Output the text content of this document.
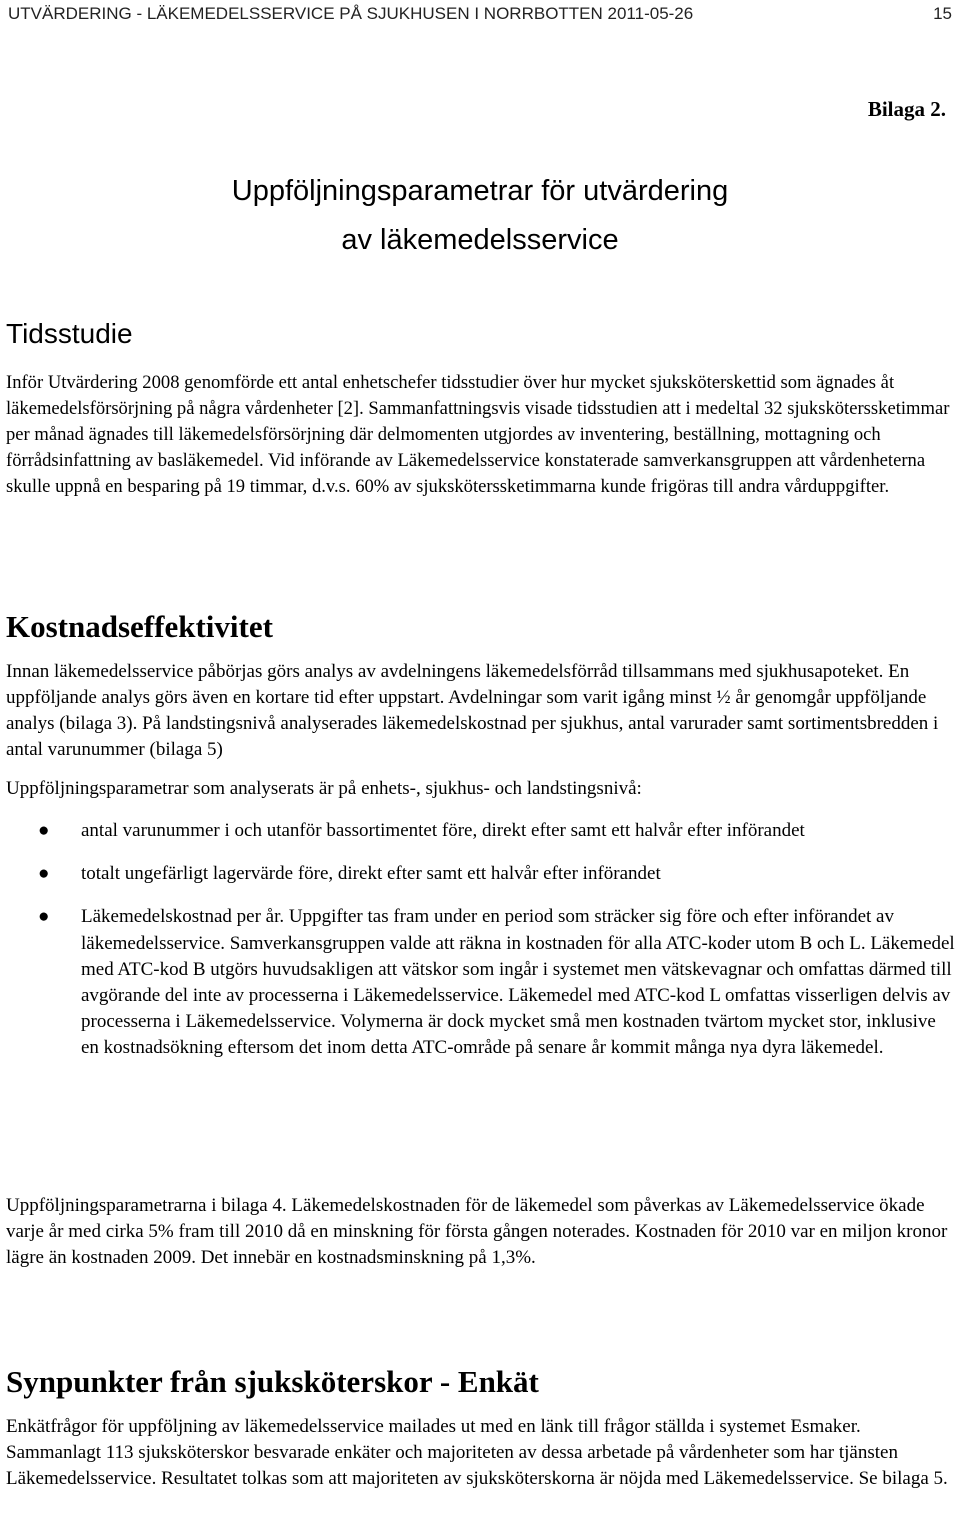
UTVÄRDERING - LÄKEMEDELSSERVICE PÅ SJUKHUSEN I NORRBOTTEN 2011-05-26	15
Bilaga 2.
Uppföljningsparametrar för utvärdering
av läkemedelsservice
Tidsstudie

Inför Utvärdering 2008 genomförde ett antal enhetschefer tidsstudier över hur mycket sjuksköterskettid som ägnades åt läkemedelsförsörjning på några vårdenheter [2]. Sammanfattningsvis visade tidsstudien att i medeltal 32 sjuksköterssketimmar per månad ägnades till läkemedelsförsörjning där delmomenten utgjordes av inventering, beställning, mottagning och förrådsinfattning av basläkemedel. Vid införande av Läkemedelsservice konstaterade samverkansgruppen att vårdenheterna skulle uppnå en besparing på 19 timmar, d.v.s. 60% av sjuksköterssketimmarna kunde frigöras till andra vårduppgifter.

Kostnadseffektivitet

Innan läkemedelsservice påbörjas görs analys av avdelningens läkemedelsförråd tillsammans med sjukhusapoteket. En uppföljande analys görs även en kortare tid efter uppstart. Avdelningar som varit igång minst ½ år genomgår uppföljande analys (bilaga 3). På landstingsnivå analyserades läkemedelskostnad per sjukhus, antal varurader samt sortimentsbredden i antal varunummer (bilaga 5)

Uppföljningsparametrar som analyserats är på enhets-, sjukhus- och landstingsnivå:

● antal varunummer i och utanför bassortimentet före, direkt efter samt ett halvår efter införandet
● totalt ungefärligt lagervärde före, direkt efter samt ett halvår efter införandet
● Läkemedelskostnad per år. Uppgifter tas fram under en period som sträcker sig före och efter införandet av läkemedelsservice. Samverkansgruppen valde att räkna in kostnaden för alla ATC-koder utom B och L. Läkemedel med ATC-kod B utgörs huvudsakligen att vätskor som ingår i systemet men vätskevagnar och omfattas därmed till avgörande del inte av processerna i Läkemedelsservice. Läkemedel med ATC-kod L omfattas visserligen delvis av processerna i Läkemedelsservice. Volymerna är dock mycket små men kostnaden tvärtom mycket stor, inklusive en kostnadsökning eftersom det inom detta ATC-område på senare år kommit många nya dyra läkemedel.

Uppföljningsparametrarna i bilaga 4. Läkemedelskostnaden för de läkemedel som påverkas av Läkemedelsservice ökade varje år med cirka 5% fram till 2010 då en minskning för första gången noterades. Kostnaden för 2010 var en miljon kronor lägre än kostnaden 2009. Det innebär en kostnadsminskning på 1,3%.

Synpunkter från sjuksköterskor - Enkät

Enkätfrågor för uppföljning av läkemedelsservice mailades ut med en länk till frågor ställda i systemet Esmaker. Sammanlagt 113 sjuksköterskor besvarade enkäter och majoriteten av dessa arbetade på vårdenheter som har tjänsten Läkemedelsservice. Resultatet tolkas som att majoriteten av sjuksköterskorna är nöjda med Läkemedelsservice. Se bilaga 5.
